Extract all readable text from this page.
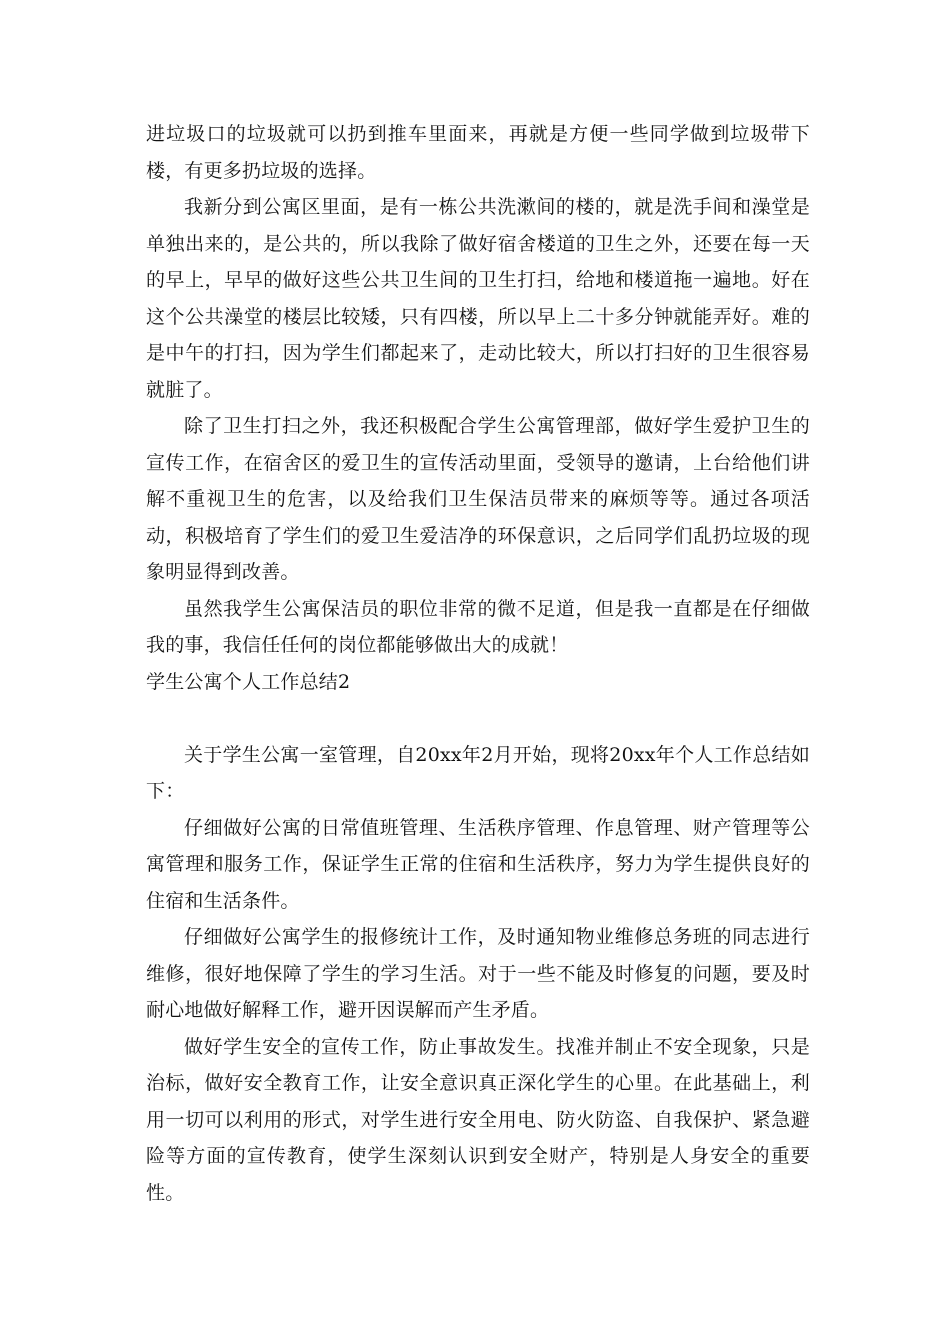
进垃圾口的垃圾就可以扔到推车里面来，再就是方便一些同学做到垃圾带下楼，有更多扔垃圾的选择。

我新分到公寓区里面，是有一栋公共洗漱间的楼的，就是洗手间和澡堂是单独出来的，是公共的，所以我除了做好宿舍楼道的卫生之外，还要在每一天的早上，早早的做好这些公共卫生间的卫生打扫，给地和楼道拖一遍地。好在这个公共澡堂的楼层比较矮，只有四楼，所以早上二十多分钟就能弄好。难的是中午的打扫，因为学生们都起来了，走动比较大，所以打扫好的卫生很容易就脏了。

除了卫生打扫之外，我还积极配合学生公寓管理部，做好学生爱护卫生的宣传工作，在宿舍区的爱卫生的宣传活动里面，受领导的邀请，上台给他们讲解不重视卫生的危害，以及给我们卫生保洁员带来的麻烦等等。通过各项活动，积极培育了学生们的爱卫生爱洁净的环保意识，之后同学们乱扔垃圾的现象明显得到改善。

虽然我学生公寓保洁员的职位非常的微不足道，但是我一直都是在仔细做我的事，我信任任何的岗位都能够做出大的成就！

学生公寓个人工作总结2

关于学生公寓一室管理，自20xx年2月开始，现将20xx年个人工作总结如下：

仔细做好公寓的日常值班管理、生活秩序管理、作息管理、财产管理等公寓管理和服务工作，保证学生正常的住宿和生活秩序，努力为学生提供良好的住宿和生活条件。

仔细做好公寓学生的报修统计工作，及时通知物业维修总务班的同志进行维修，很好地保障了学生的学习生活。对于一些不能及时修复的问题，要及时耐心地做好解释工作，避开因误解而产生矛盾。

做好学生安全的宣传工作，防止事故发生。找准并制止不安全现象，只是治标，做好安全教育工作，让安全意识真正深化学生的心里。在此基础上，利用一切可以利用的形式，对学生进行安全用电、防火防盗、自我保护、紧急避险等方面的宣传教育，使学生深刻认识到安全财产，特别是人身安全的重要性。
